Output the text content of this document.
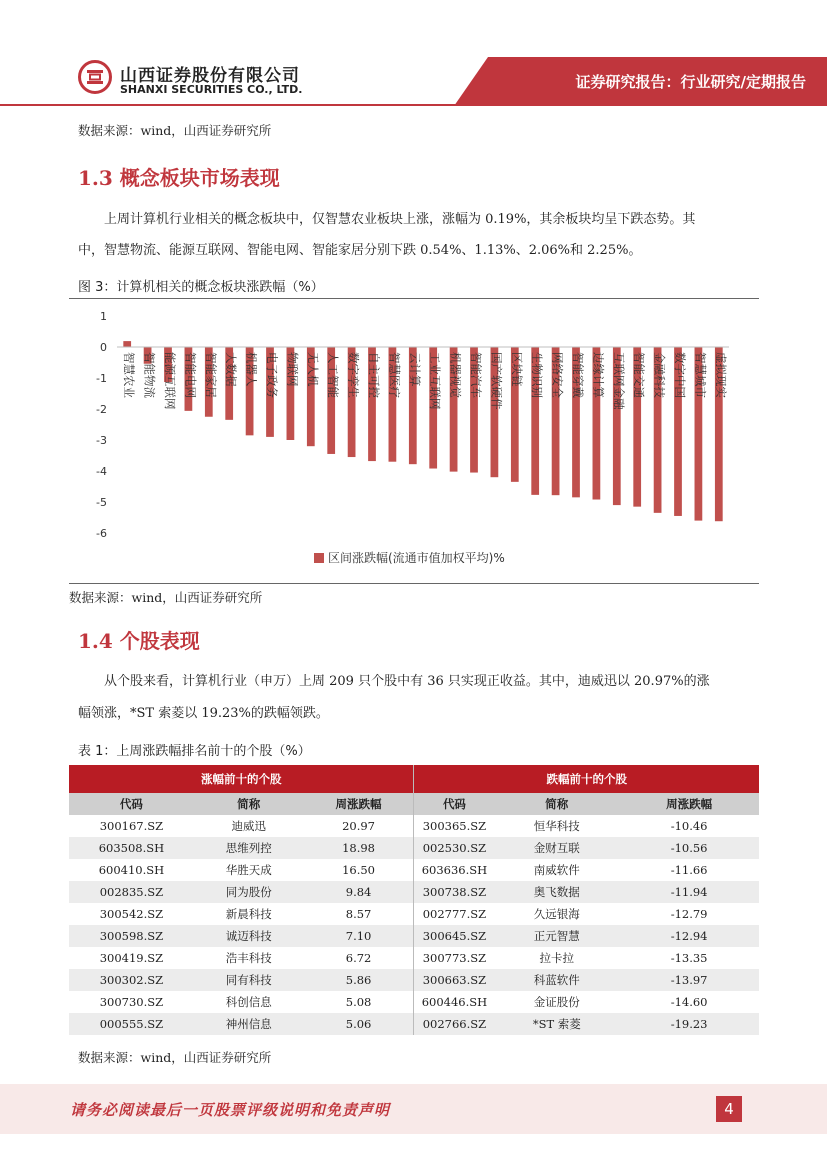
山西证券股份有限公司
SHANXI SECURITIES CO., LTD.	证券研究报告：行业研究/定期报告
数据来源：wind，山西证券研究所
1.3 概念板块市场表现
上周计算机行业相关的概念板块中，仅智慧农业板块上涨，涨幅为 0.19%，其余板块均呈下跌态势。其
中，智慧物流、能源互联网、智能电网、智能家居分别下跌 0.54%、1.13%、2.06%和 2.25%。
图 3：计算机相关的概念板块涨跌幅（%）
1
0
-1
-2
-3
-4
-5
-6
智慧农业 智能物流 能源互联网 智能电网 智能家居 大数据 机器人 电子政务 物联网 无人机 人工智能 数字孪生 自主可控 智慧医疗 云计算 工业互联网 机器视觉 智能汽车 国产软硬件 区块链 生物识别 网络安全 智能穿戴 边缘计算 互联网金融 智能交通 金融科技 数字中国 智慧城市 虚拟现实
区间涨跌幅(流通市值加权平均)%
数据来源：wind，山西证券研究所
1.4 个股表现
从个股来看，计算机行业（申万）上周 209 只个股中有 36 只实现正收益。其中，迪威迅以 20.97%的涨
幅领涨，*ST 索菱以 19.23%的跌幅领跌。
表 1：上周涨跌幅排名前十的个股（%）
涨幅前十的个股			跌幅前十的个股		
代码	简称	周涨跌幅	代码	简称	周涨跌幅
300167.SZ	迪威迅	20.97	300365.SZ	恒华科技	-10.46
603508.SH	思维列控	18.98	002530.SZ	金财互联	-10.56
600410.SH	华胜天成	16.50	603636.SH	南威软件	-11.66
002835.SZ	同为股份	9.84	300738.SZ	奥飞数据	-11.94
300542.SZ	新晨科技	8.57	002777.SZ	久远银海	-12.79
300598.SZ	诚迈科技	7.10	300645.SZ	正元智慧	-12.94
300419.SZ	浩丰科技	6.72	300773.SZ	拉卡拉	-13.35
300302.SZ	同有科技	5.86	300663.SZ	科蓝软件	-13.97
300730.SZ	科创信息	5.08	600446.SH	金证股份	-14.60
000555.SZ	神州信息	5.06	002766.SZ	*ST 索菱	-19.23
数据来源：wind，山西证券研究所
请务必阅读最后一页股票评级说明和免责声明	4
